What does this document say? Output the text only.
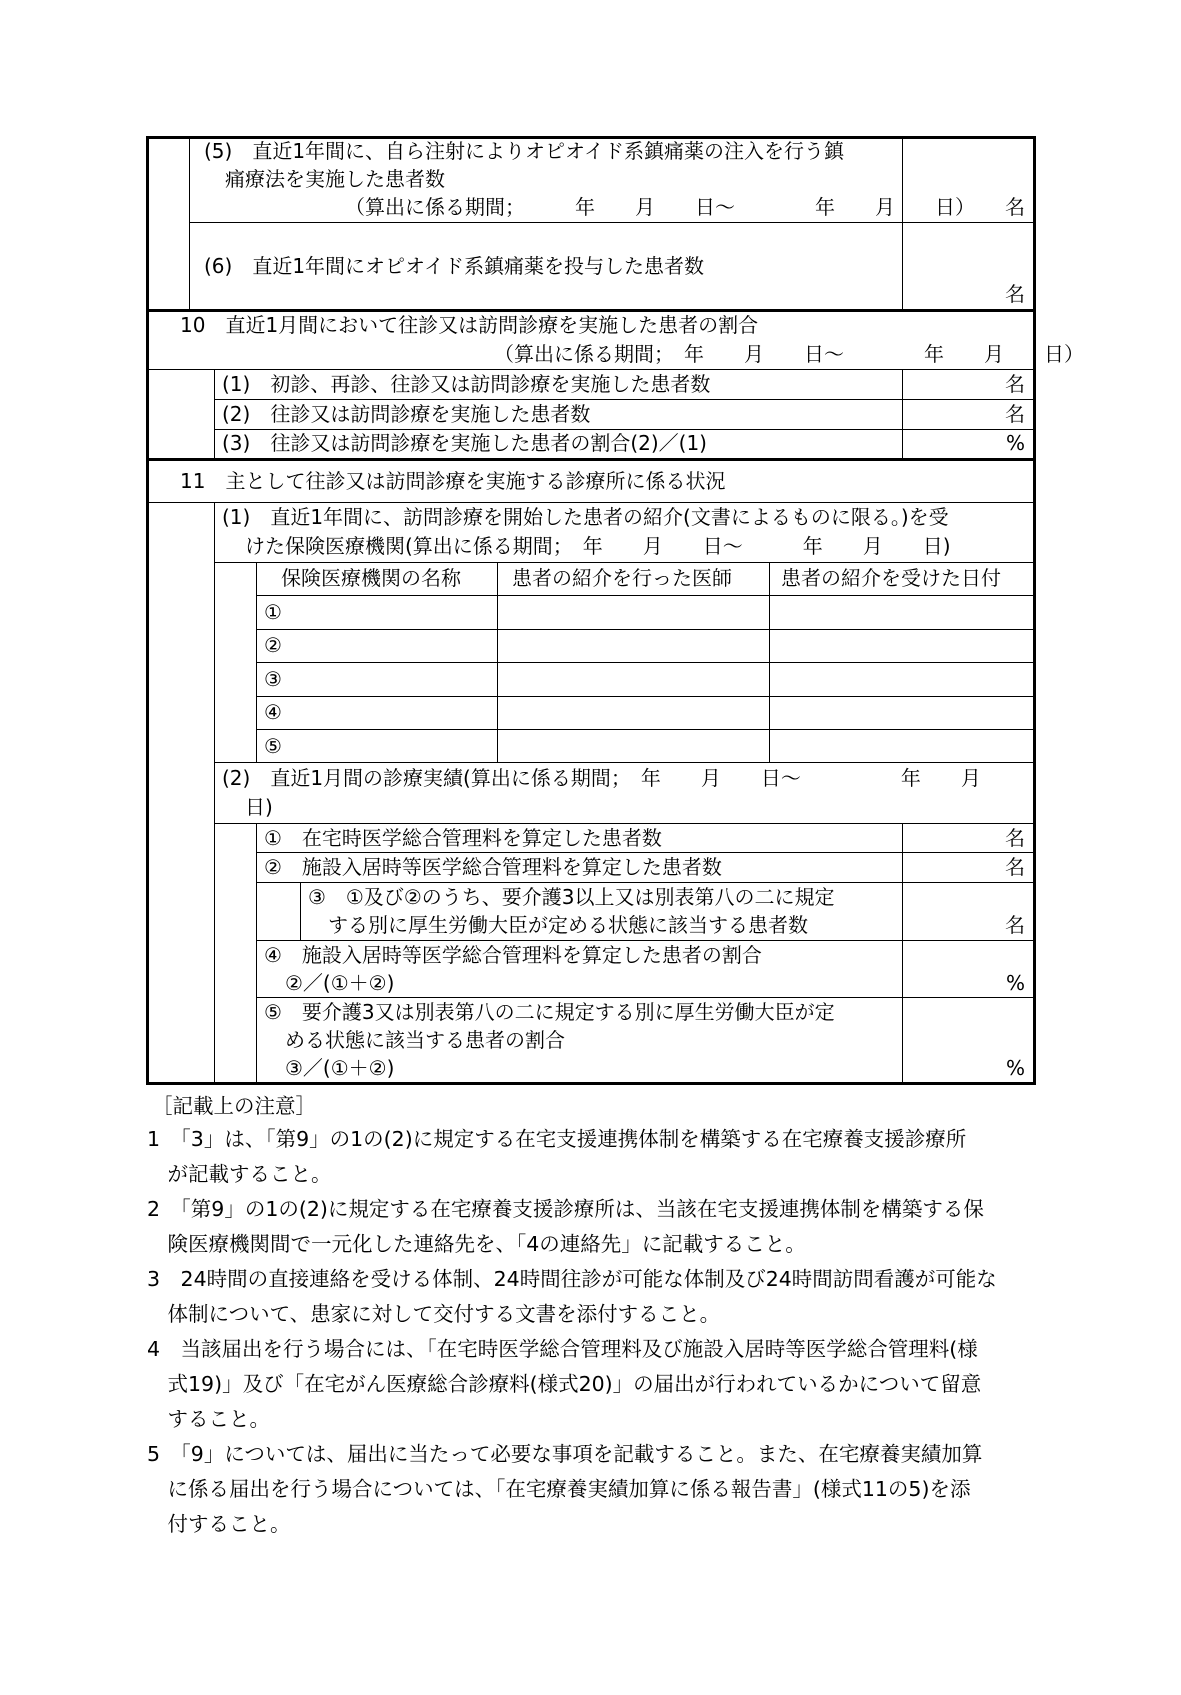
(5)　直近1年間に、自ら注射によりオピオイド系鎮痛薬の注入を行う鎮
痛療法を実施した患者数
（算出に係る期間；　　　年　　月　　日～　　　　年　　月　　日）	名
(6)　直近1年間にオピオイド系鎮痛薬を投与した患者数
名
10　直近1月間において往診又は訪問診療を実施した患者の割合
（算出に係る期間；　年　　月　　日～　　　　年　　月　　日）
(1)　初診、再診、往診又は訪問診療を実施した患者数	名
(2)　往診又は訪問診療を実施した患者数	名
(3)　往診又は訪問診療を実施した患者の割合(2)／(1)	%
11　主として往診又は訪問診療を実施する診療所に係る状況
(1)　直近1年間に、訪問診療を開始した患者の紹介(文書によるものに限る。)を受
けた保険医療機関(算出に係る期間；　年　　月　　日～　　　年　　月　　日)
保険医療機関の名称	患者の紹介を行った医師 患者の紹介を受けた日付
①
②
③
④
⑤
(2)　直近1月間の診療実績(算出に係る期間；　年　　月　　日～　　　　　年　　月
日)
①　在宅時医学総合管理料を算定した患者数	名
②　施設入居時等医学総合管理料を算定した患者数	名
③　①及び②のうち、要介護3以上又は別表第八の二に規定
　する別に厚生労働大臣が定める状態に該当する患者数	名
④　施設入居時等医学総合管理料を算定した患者の割合
②／(①＋②)	%
⑤　要介護3又は別表第八の二に規定する別に厚生労働大臣が定
める状態に該当する患者の割合
③／(①＋②)	%
［記載上の注意］
1　「3」は、「第9」の1の(2)に規定する在宅支援連携体制を構築する在宅療養支援診療所
　が記載すること。
2　「第9」の1の(2)に規定する在宅療養支援診療所は、当該在宅支援連携体制を構築する保
　険医療機関間で一元化した連絡先を、「4の連絡先」に記載すること。
3　24時間の直接連絡を受ける体制、24時間往診が可能な体制及び24時間訪問看護が可能な
　体制について、患家に対して交付する文書を添付すること。
4　当該届出を行う場合には、「在宅時医学総合管理料及び施設入居時等医学総合管理料(様
　式19)」及び「在宅がん医療総合診療料(様式20)」の届出が行われているかについて留意
　すること。
5　「9」については、届出に当たって必要な事項を記載すること。また、在宅療養実績加算
　に係る届出を行う場合については、「在宅療養実績加算に係る報告書」(様式11の5)を添
　付すること。
